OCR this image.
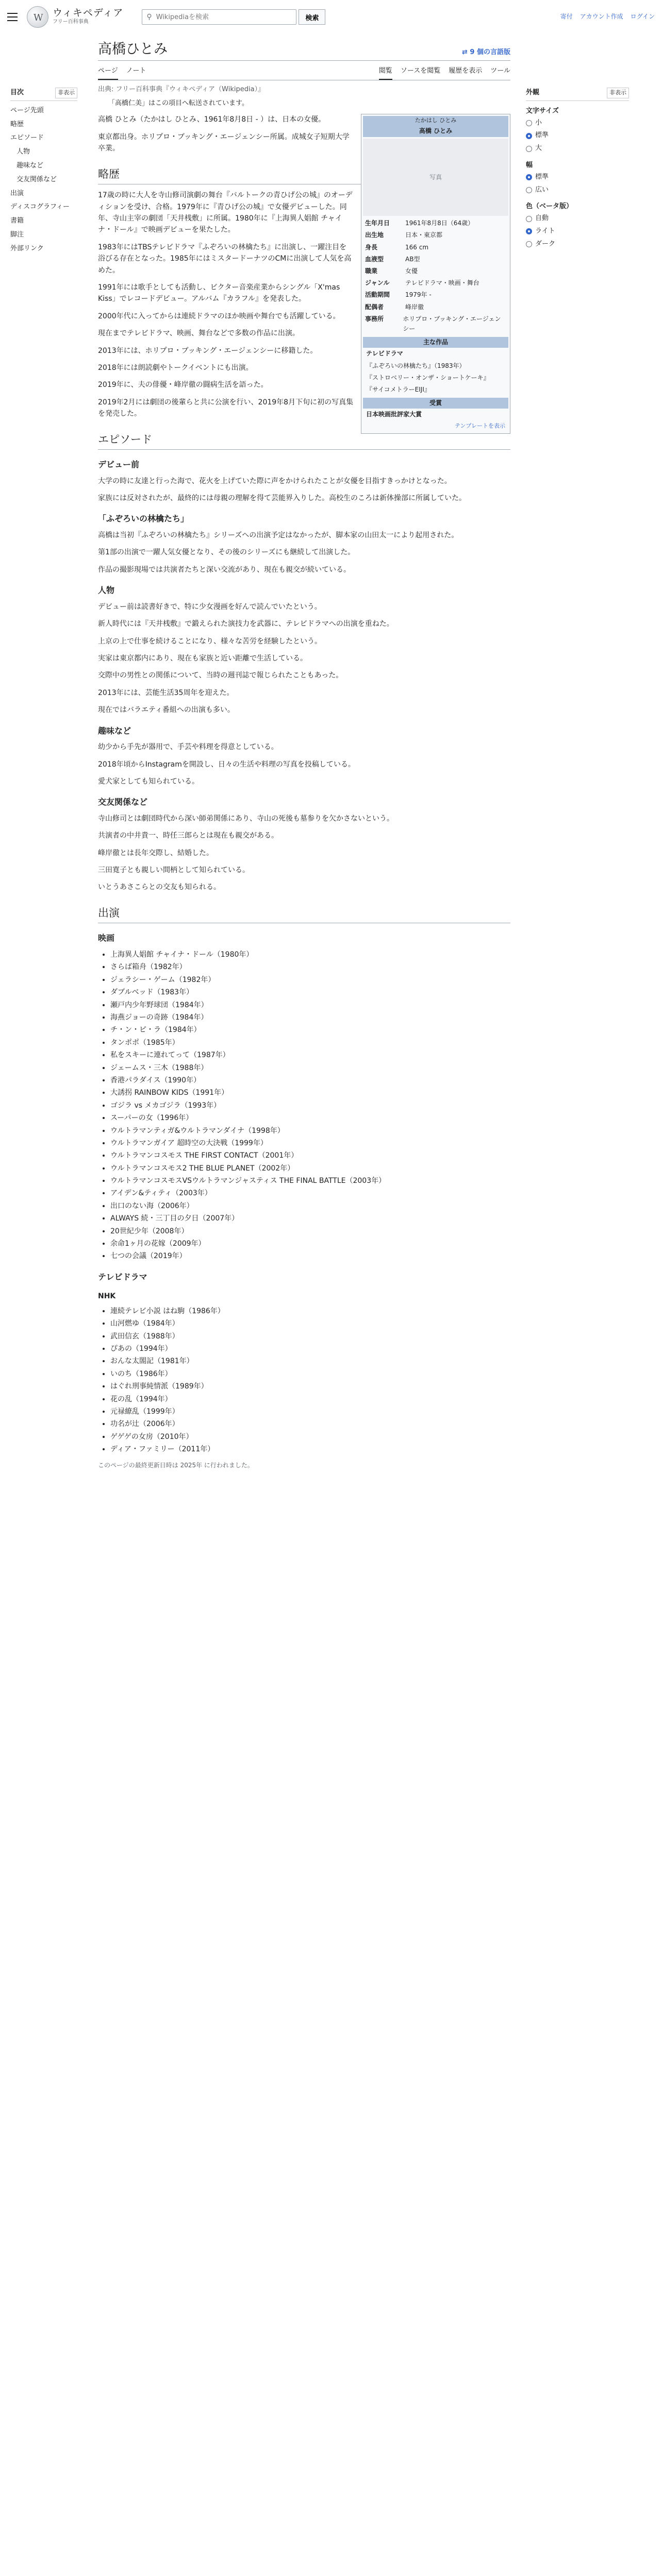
W
ウィキペディア
フリー百科事典
⚲
Wikipediaを検索	検索	寄付 アカウント作成 ログイン
目次	非表示
ページ先頭
略歴
エピソード
人物
趣味など
交友関係など
出演
ディスコグラフィー
書籍
脚注
外部リンク
外観	非表示
文字サイズ
小
標準
大
幅
標準
広い
色（ベータ版）
自動
ライト
ダーク
高橋ひとみ	⇄ 9 個の言語版
ページ ノート	閲覧 ソースを閲覧 履歴を表示 ツール
出典: フリー百科事典『ウィキペディア（Wikipedia）』
「高橋仁美」はこの項目へ転送されています。
たかはし ひとみ
高橋 ひとみ
写真
生年月日	1961年8月8日（64歳）
出生地	日本・東京都
身長	166 cm
血液型	AB型
職業	女優
ジャンル	テレビドラマ・映画・舞台
活動期間	1979年 -
配偶者	峰岸徹
事務所	ホリプロ・ブッキング・エージェンシー
主な作品
テレビドラマ
『ふぞろいの林檎たち』（1983年）
『ストロベリー・オンザ・ショートケーキ』
『サイコメトラーEIJI』
受賞
日本映画批評家大賞
テンプレートを表示

高橋 ひとみ（たかはし ひとみ、1961年8月8日 - ）は、日本の女優。

東京都出身。ホリプロ・ブッキング・エージェンシー所属。成城女子短期大学卒業。

略歴

17歳の時に大人を寺山修司演劇の舞台『バルトークの青ひげ公の城』のオーディションを受け、合格。1979年に『青ひげ公の城』で女優デビューした。同年、寺山主宰の劇団「天井桟敷」に所属。1980年に『上海異人娼館 チャイナ・ドール』で映画デビューを果たした。

1983年にはTBSテレビドラマ『ふぞろいの林檎たち』に出演し、一躍注目を浴びる存在となった。1985年にはミスタードーナツのCMに出演して人気を高めた。

1991年には歌手としても活動し、ビクター音楽産業からシングル「X'mas Kiss」でレコードデビュー。アルバム『カラフル』を発表した。

2000年代に入ってからは連続ドラマのほか映画や舞台でも活躍している。

現在までテレビドラマ、映画、舞台などで多数の作品に出演。

2013年には、ホリプロ・ブッキング・エージェンシーに移籍した。

2018年には朗読劇やトークイベントにも出演。

2019年に、夫の俳優・峰岸徹の闘病生活を語った。

2019年2月には劇団の後輩らと共に公演を行い、2019年8月下旬に初の写真集を発売した。

エピソード
デビュー前

大学の時に友達と行った海で、花火を上げていた際に声をかけられたことが女優を目指すきっかけとなった。

家族には反対されたが、最終的には母親の理解を得て芸能界入りした。高校生のころは新体操部に所属していた。

「ふぞろいの林檎たち」

高橋は当初『ふぞろいの林檎たち』シリーズへの出演予定はなかったが、脚本家の山田太一により起用された。

第1部の出演で一躍人気女優となり、その後のシリーズにも継続して出演した。

作品の撮影現場では共演者たちと深い交流があり、現在も親交が続いている。

人物

デビュー前は読書好きで、特に少女漫画を好んで読んでいたという。

新人時代には『天井桟敷』で鍛えられた演技力を武器に、テレビドラマへの出演を重ねた。

上京の上で仕事を続けることになり、様々な苦労を経験したという。

実家は東京都内にあり、現在も家族と近い距離で生活している。

交際中の男性との関係について、当時の週刊誌で報じられたこともあった。

2013年には、芸能生活35周年を迎えた。

現在ではバラエティ番組への出演も多い。

趣味など

幼少から手先が器用で、手芸や料理を得意としている。

2018年頃からInstagramを開設し、日々の生活や料理の写真を投稿している。

愛犬家としても知られている。

交友関係など

寺山修司とは劇団時代から深い師弟関係にあり、寺山の死後も墓参りを欠かさないという。

共演者の中井貴一、時任三郎らとは現在も親交がある。

峰岸徹とは長年交際し、結婚した。

三田寛子とも親しい間柄として知られている。

いとうあさこらとの交友も知られる。

出演
映画
• 上海異人娼館 チャイナ・ドール（1980年）
• さらば箱舟（1982年）
• ジェラシー・ゲーム（1982年）
• ダブルベッド（1983年）
• 瀬戸内少年野球団（1984年）
• 海燕ジョーの奇跡（1984年）
• チ・ン・ピ・ラ（1984年）
• タンポポ（1985年）
• 私をスキーに連れてって（1987年）
• ジェームス・三木（1988年）
• 香港パラダイス（1990年）
• 大誘拐 RAINBOW KIDS（1991年）
• ゴジラ vs メカゴジラ（1993年）
• スーパーの女（1996年）
• ウルトラマンティガ&ウルトラマンダイナ（1998年）
• ウルトラマンガイア 超時空の大決戦（1999年）
• ウルトラマンコスモス THE FIRST CONTACT（2001年）
• ウルトラマンコスモス2 THE BLUE PLANET（2002年）
• ウルトラマンコスモスVSウルトラマンジャスティス THE FINAL BATTLE（2003年）
• アイデン&ティティ（2003年）
• 出口のない海（2006年）
• ALWAYS 続・三丁目の夕日（2007年）
• 20世紀少年（2008年）
• 余命1ヶ月の花嫁（2009年）
• 七つの会議（2019年）
テレビドラマ
NHK
• 連続テレビ小説 はね駒（1986年）
• 山河燃ゆ（1984年）
• 武田信玄（1988年）
• ぴあの（1994年）
• おんな太閤記（1981年）
• いのち（1986年）
• はぐれ刑事純情派（1989年）
• 花の乱（1994年）
• 元禄繚乱（1999年）
• 功名が辻（2006年）
• ゲゲゲの女房（2010年）
• ディア・ファミリー（2011年）
このページの最終更新日時は 2025年 に行われました。
